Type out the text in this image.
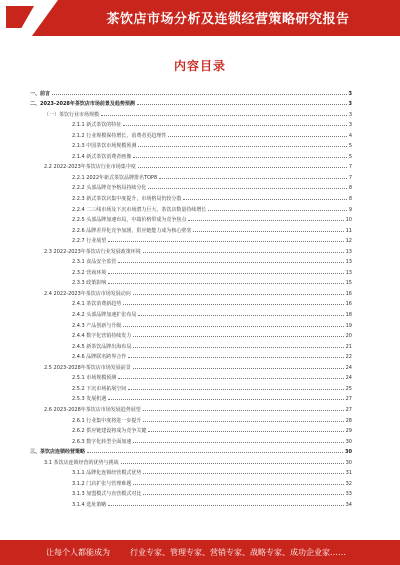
茶饮店市场分析及连锁经营策略研究报告
内容目录
一、前言	3
二、2023-2028年茶饮店市场前景及趋势预测	3
（一）茶饮行业市场规模	3
2.1.1 新式茶饮的特征	3
2.1.2 行业规模保持增长，消费者更趋理性	4
2.1.3 中国茶饮市场规模预测	5
2.1.4 新式茶饮消费者画像	5
2.2 2022-2023年茶饮店行业市场集中度	7
2.2.1 2022年新式茶饮品牌排名TOP8	7
2.2.2 头部品牌竞争格局持续分化	8
2.2.3 新式茶饮店集中度提升，市场格局仍较分散	8
2.2.4 二三线市场及下沉市场潜力巨大，茶饮店数量持续增长	9
2.2.5 头部品牌加速布局，中端价格带成为竞争焦点	10
2.2.6 品牌差异化竞争加剧，供应链能力成为核心壁垒	11
2.2.7 行业展望	12
2.3 2022-2023年茶饮店行业发展政策环境	13
2.3.1 食品安全监管	13
2.3.2 营商环境	13
2.3.3 政策影响	15
2.4 2022-2023年茶饮店市场发展动向	16
2.4.1 茶饮消费新趋势	16
2.4.2 头部品牌加速扩张布局	18
2.4.3 产品创新与升级	19
2.4.4 数字化营销持续发力	20
2.4.5 新茶饮品牌出海布局	21
2.4.6 品牌联名跨界合作	22
2.5 2023-2028年茶饮店市场发展前景	24
2.5.1 市场规模预测	24
2.5.2 下沉市场拓展空间	25
2.5.3 发展机遇	27
2.6 2023-2028年茶饮店市场发展趋势展望	27
2.6.1 行业集中度将进一步提升	28
2.6.2 供应链建设将成为竞争关键	29
2.6.3 数字化转型全面加速	30
三、茶饮店连锁经营策略	30
3.1 茶饮店连锁经营的优势与挑战	30
3.1.1 品牌化连锁经营模式优势	31
3.1.2 门店扩张与管理难题	32
3.1.3 加盟模式与直营模式对比	33
3.1.4 选址策略	34
让每个人都能成为	行业专家、管理专家、营销专家、战略专家、成功企业家……
